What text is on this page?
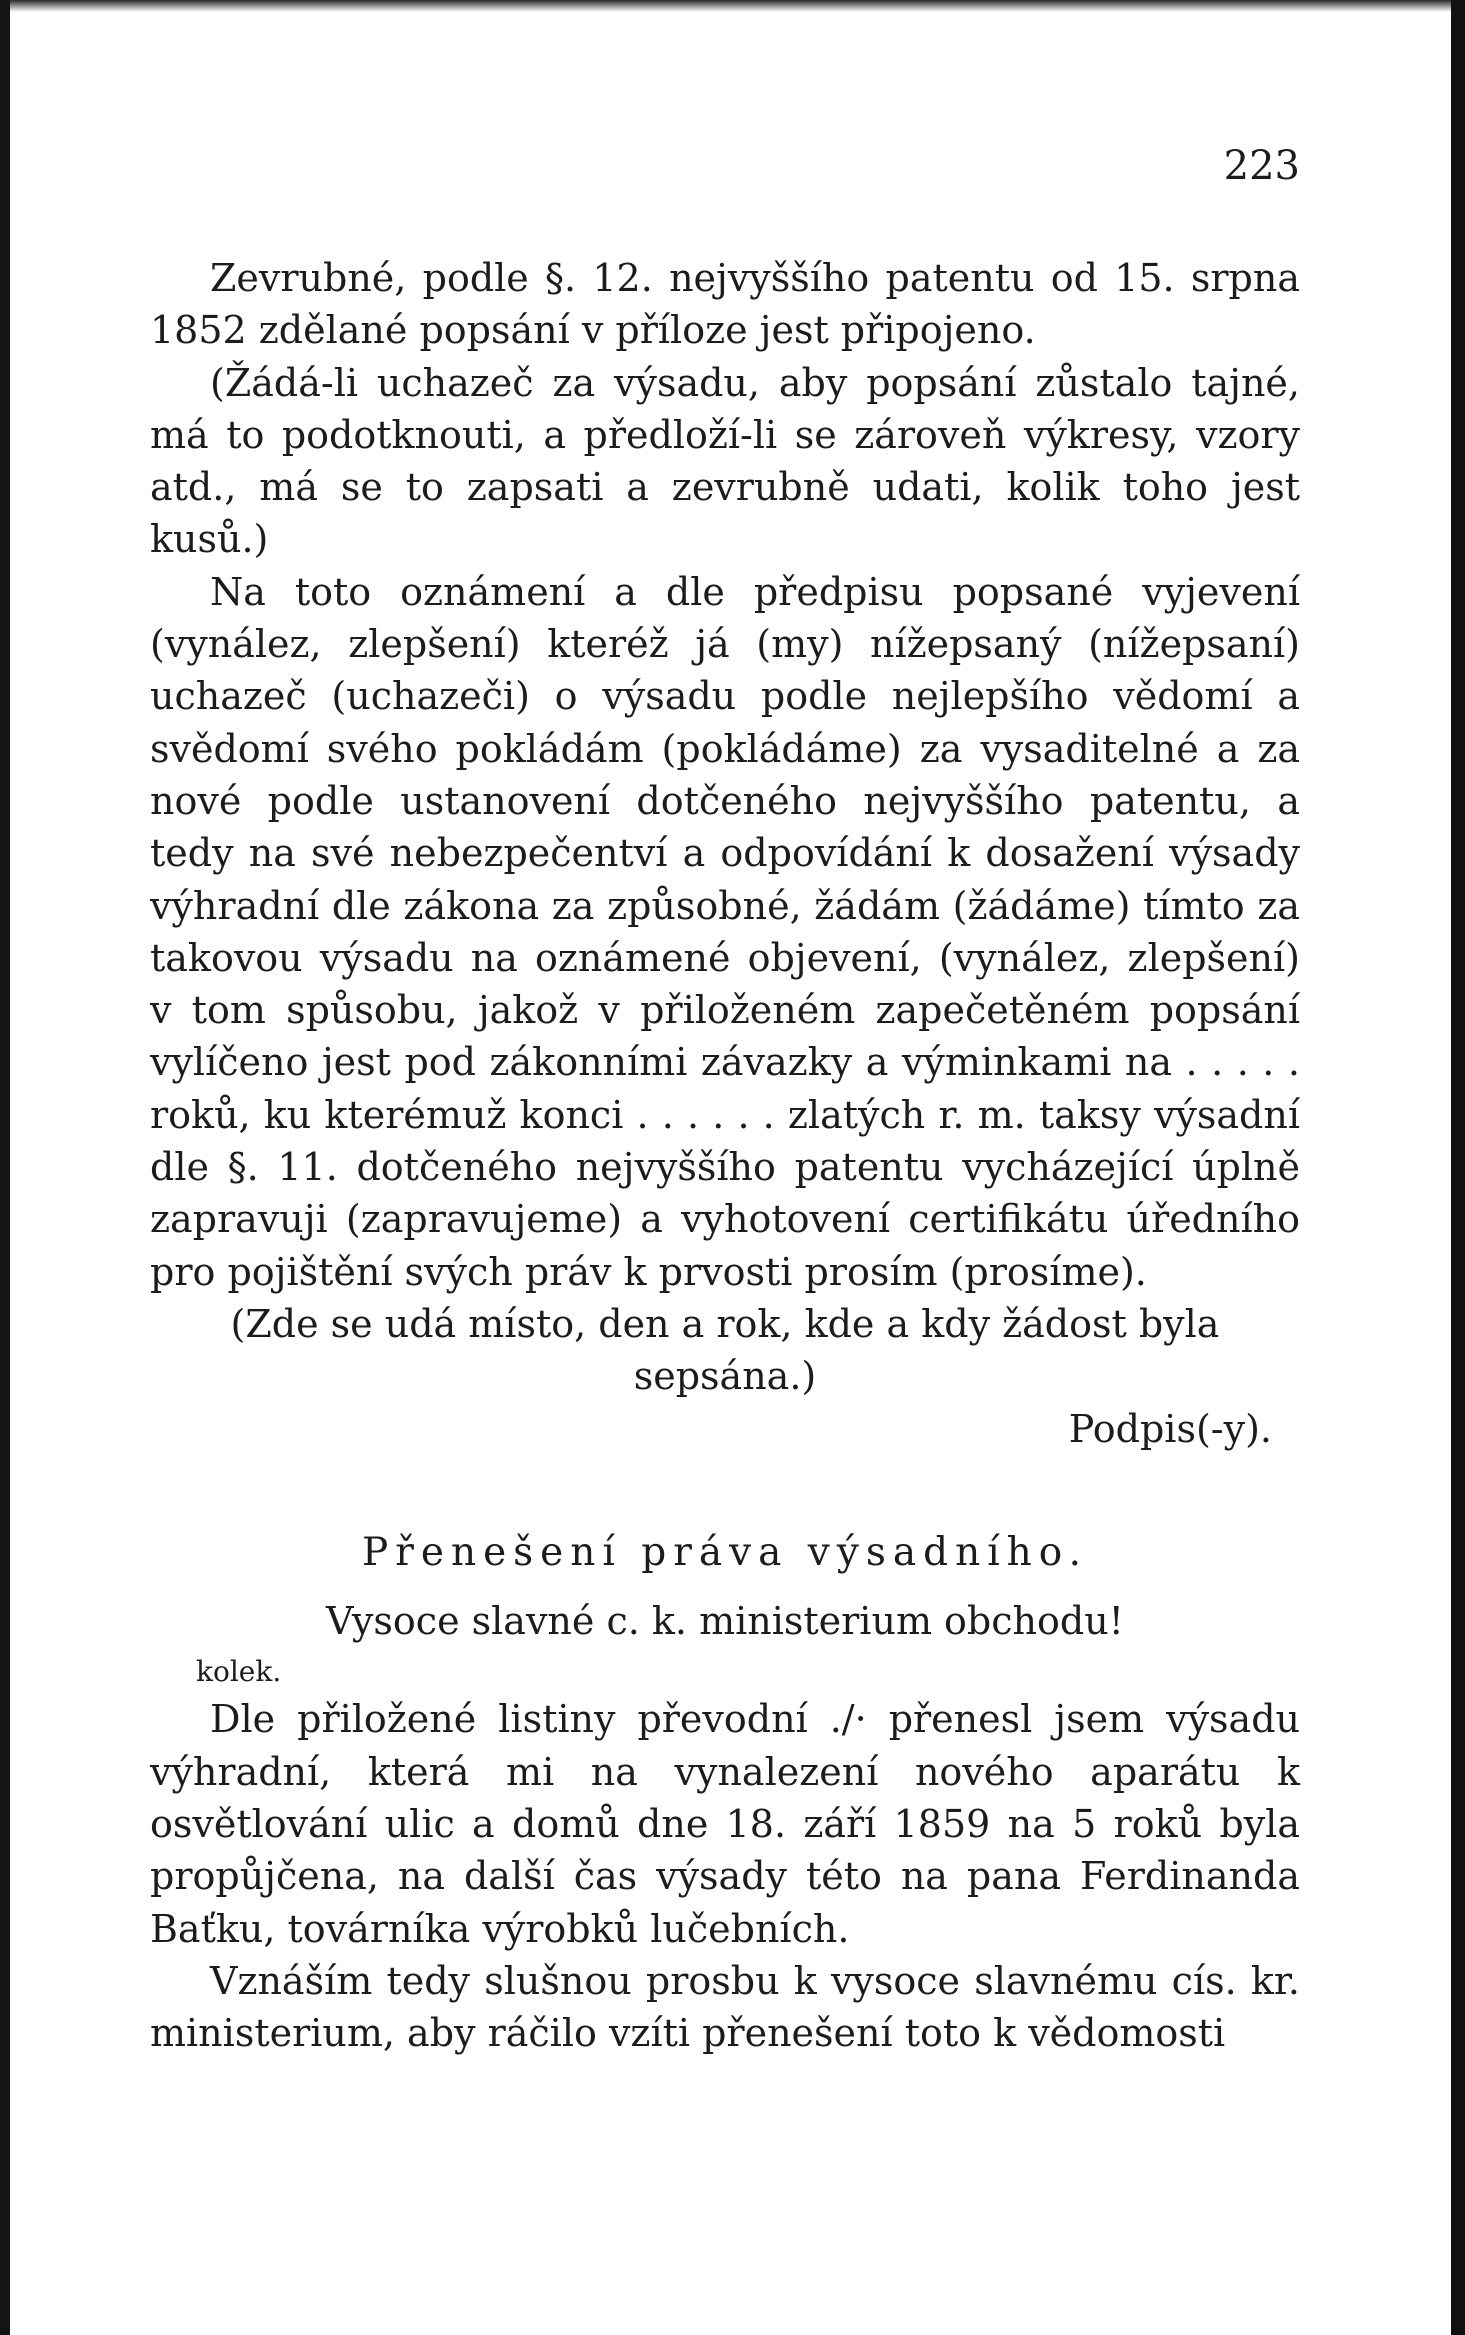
223

Zevrubné, podle §. 12. nejvyššího patentu od 15. srpna 1852 zdělané popsání v příloze jest připojeno.

(Žádá-li uchazeč za výsadu, aby popsání zůstalo tajné, má to podotknouti, a předloží-li se zároveň výkresy, vzory atd., má se to zapsati a zevrubně udati, kolik toho jest kusů.)

Na toto oznámení a dle předpisu popsané vyjevení (vynález, zlepšení) kteréž já (my) nížepsaný (nížepsaní) uchazeč (uchazeči) o výsadu podle nejlepšího vědomí a svědomí svého pokládám (pokládáme) za vysaditelné a za nové podle ustanovení dotčeného nejvyššího patentu, a tedy na své nebezpečentví a odpovídání k dosažení výsady výhradní dle zákona za způsobné, žádám (žádáme) tímto za takovou výsadu na oznámené objevení, (vynález, zlepšení) v tom spůsobu, jakož v přiloženém zapečetěném popsání vylíčeno jest pod zákonními závazky a výminkami na . . . . . roků, ku kterémuž konci . . . . . . zlatých r. m. taksy výsadní dle §. 11. dotčeného nejvyššího patentu vycházející úplně zapravuji (zapravujeme) a vyhotovení certifikátu úředního pro pojištění svých práv k prvosti prosím (prosíme).

(Zde se udá místo, den a rok, kde a kdy žádost byla

sepsána.)

Podpis(-y).

Přenešení práva výsadního.
Vysoce slavné c. k. ministerium obchodu!
kolek.

Dle přiložené listiny převodní ./· přenesl jsem výsadu výhradní, která mi na vynalezení nového aparátu k osvětlování ulic a domů dne 18. září 1859 na 5 roků byla propůjčena, na další čas výsady této na pana Ferdinanda Baťku, továrníka výrobků lučebních.

Vznáším tedy slušnou prosbu k vysoce slavnému cís. kr. ministerium, aby ráčilo vzíti přenešení toto k vědomosti
